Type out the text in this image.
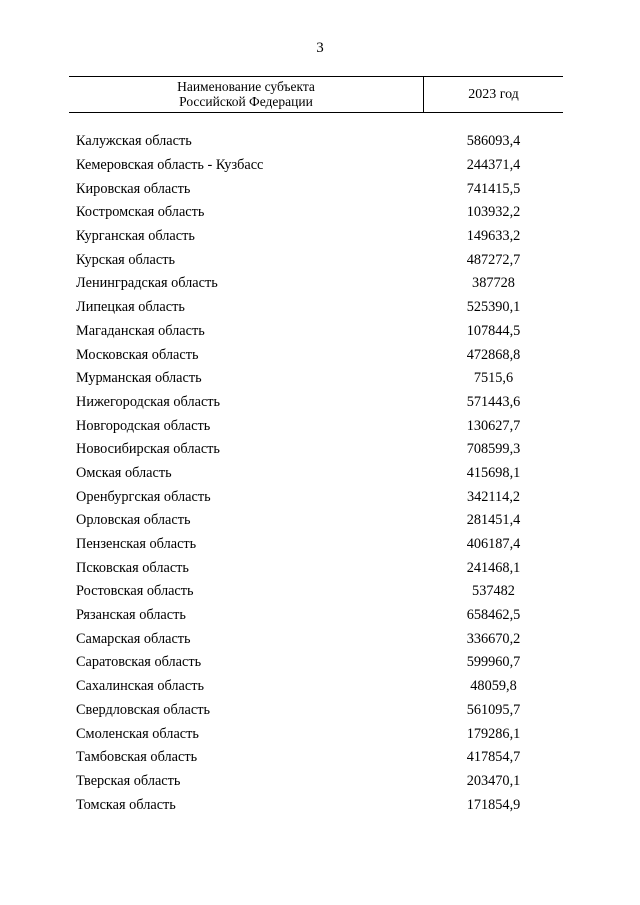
3
Наименование субъекта
Российской Федерации	2023 год
Калужская область	586093,4
Кемеровская область - Кузбасс	244371,4
Кировская область	741415,5
Костромская область	103932,2
Курганская область	149633,2
Курская область	487272,7
Ленинградская область	387728
Липецкая область	525390,1
Магаданская область	107844,5
Московская область	472868,8
Мурманская область	7515,6
Нижегородская область	571443,6
Новгородская область	130627,7
Новосибирская область	708599,3
Омская область	415698,1
Оренбургская область	342114,2
Орловская область	281451,4
Пензенская область	406187,4
Псковская область	241468,1
Ростовская область	537482
Рязанская область	658462,5
Самарская область	336670,2
Саратовская область	599960,7
Сахалинская область	48059,8
Свердловская область	561095,7
Смоленская область	179286,1
Тамбовская область	417854,7
Тверская область	203470,1
Томская область	171854,9
